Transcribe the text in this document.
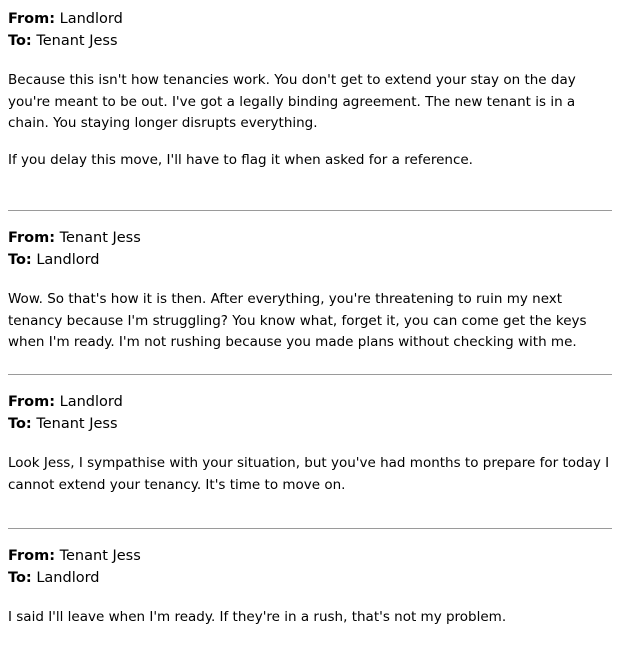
From: Landlord
To: Tenant Jess

Because this isn't how tenancies work. You don't get to extend your stay on the day you're meant to be out. I've got a legally binding agreement. The new tenant is in a chain. You staying longer disrupts everything.

If you delay this move, I'll have to flag it when asked for a reference.

From: Tenant Jess
To: Landlord

Wow. So that's how it is then. After everything, you're threatening to ruin my next tenancy because I'm struggling? You know what, forget it, you can come get the keys when I'm ready. I'm not rushing because you made plans without checking with me.

From: Landlord
To: Tenant Jess

Look Jess, I sympathise with your situation, but you've had months to prepare for today I cannot extend your tenancy. It's time to move on.

From: Tenant Jess
To: Landlord

I said I'll leave when I'm ready. If they're in a rush, that's not my problem.
